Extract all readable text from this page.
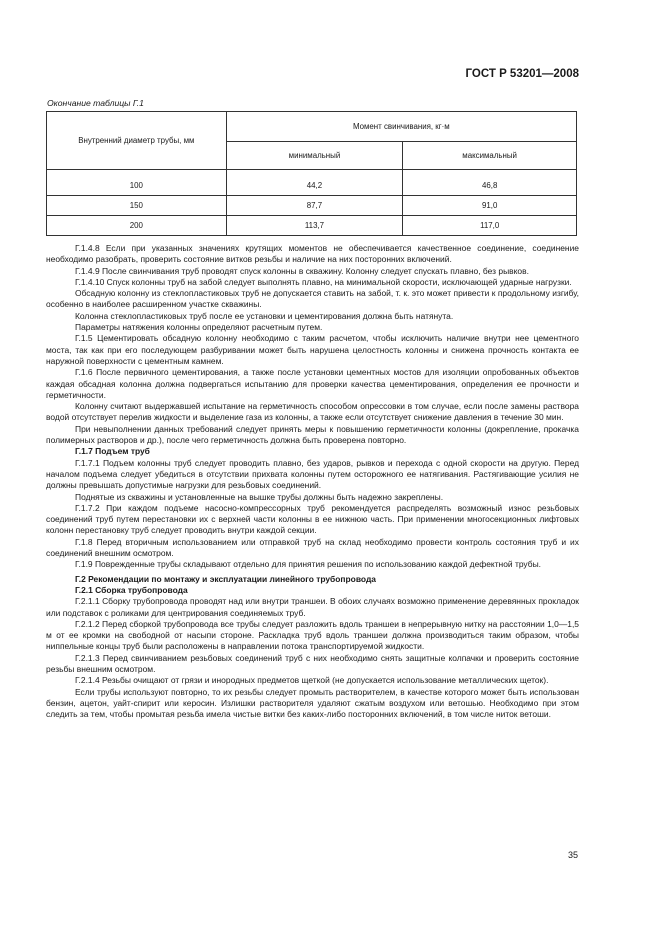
ГОСТ Р 53201—2008
Окончание таблицы Г.1
Внутренний диаметр трубы, мм	Момент свинчивания, кг·м	
	минимальный	максимальный

100	44,2	46,8
150	87,7	91,0
200	113,7	117,0

Г.1.4.8 Если при указанных значениях крутящих моментов не обеспечивается качественное соединение, соединение необходимо разобрать, проверить состояние витков резьбы и наличие на них посторонних включений.

Г.1.4.9 После свинчивания труб проводят спуск колонны в скважину. Колонну следует спускать плавно, без рывков.

Г.1.4.10 Спуск колонны труб на забой следует выполнять плавно, на минимальной скорости, исключающей ударные нагрузки.

Обсадную колонну из стеклопластиковых труб не допускается ставить на забой, т. к. это может привести к продольному изгибу, особенно в наиболее расширенном участке скважины.

Колонна стеклопластиковых труб после ее установки и цементирования должна быть натянута.

Параметры натяжения колонны определяют расчетным путем.

Г.1.5 Цементировать обсадную колонну необходимо с таким расчетом, чтобы исключить наличие внутри нее цементного моста, так как при его последующем разбуривании может быть нарушена целостность колонны и снижена прочность контакта ее наружной поверхности с цементным камнем.

Г.1.6 После первичного цементирования, а также после установки цементных мостов для изоляции опробованных объектов каждая обсадная колонна должна подвергаться испытанию для проверки качества цементирования, определения ее прочности и герметичности.

Колонну считают выдержавшей испытание на герметичность способом опрессовки в том случае, если после замены раствора водой отсутствует перелив жидкости и выделение газа из колонны, а также если отсутствует снижение давления в течение 30 мин.

При невыполнении данных требований следует принять меры к повышению герметичности колонны (докрепление, прокачка полимерных растворов и др.), после чего герметичность должна быть проверена повторно.

Г.1.7 Подъем труб

Г.1.7.1 Подъем колонны труб следует проводить плавно, без ударов, рывков и перехода с одной скорости на другую. Перед началом подъема следует убедиться в отсутствии прихвата колонны путем осторожного ее натягивания. Растягивающие усилия не должны превышать допустимые нагрузки для резьбовых соединений.

Поднятые из скважины и установленные на вышке трубы должны быть надежно закреплены.

Г.1.7.2 При каждом подъеме насосно-компрессорных труб рекомендуется распределять возможный износ резьбовых соединений труб путем перестановки их с верхней части колонны в ее нижнюю часть. При применении многосекционных лифтовых колонн перестановку труб следует проводить внутри каждой секции.

Г.1.8 Перед вторичным использованием или отправкой труб на склад необходимо провести контроль состояния труб и их соединений внешним осмотром.

Г.1.9 Поврежденные трубы складывают отдельно для принятия решения по использованию каждой дефектной трубы.

Г.2 Рекомендации по монтажу и эксплуатации линейного трубопровода

Г.2.1 Сборка трубопровода

Г.2.1.1 Сборку трубопровода проводят над или внутри траншеи. В обоих случаях возможно применение деревянных прокладок или подставок с роликами для центрирования соединяемых труб.

Г.2.1.2 Перед сборкой трубопровода все трубы следует разложить вдоль траншеи в непрерывную нитку на расстоянии 1,0—1,5 м от ее кромки на свободной от насыпи стороне. Раскладка труб вдоль траншеи должна производиться таким образом, чтобы ниппельные концы труб были расположены в направлении потока транспортируемой жидкости.

Г.2.1.3 Перед свинчиванием резьбовых соединений труб с них необходимо снять защитные колпачки и проверить состояние резьбы внешним осмотром.

Г.2.1.4 Резьбы очищают от грязи и инородных предметов щеткой (не допускается использование металлических щеток).

Если трубы используют повторно, то их резьбы следует промыть растворителем, в качестве которого может быть использован бензин, ацетон, уайт-спирит или керосин. Излишки растворителя удаляют сжатым воздухом или ветошью. Необходимо при этом следить за тем, чтобы промытая резьба имела чистые витки без каких-либо посторонних включений, в том числе ниток ветоши.

35
